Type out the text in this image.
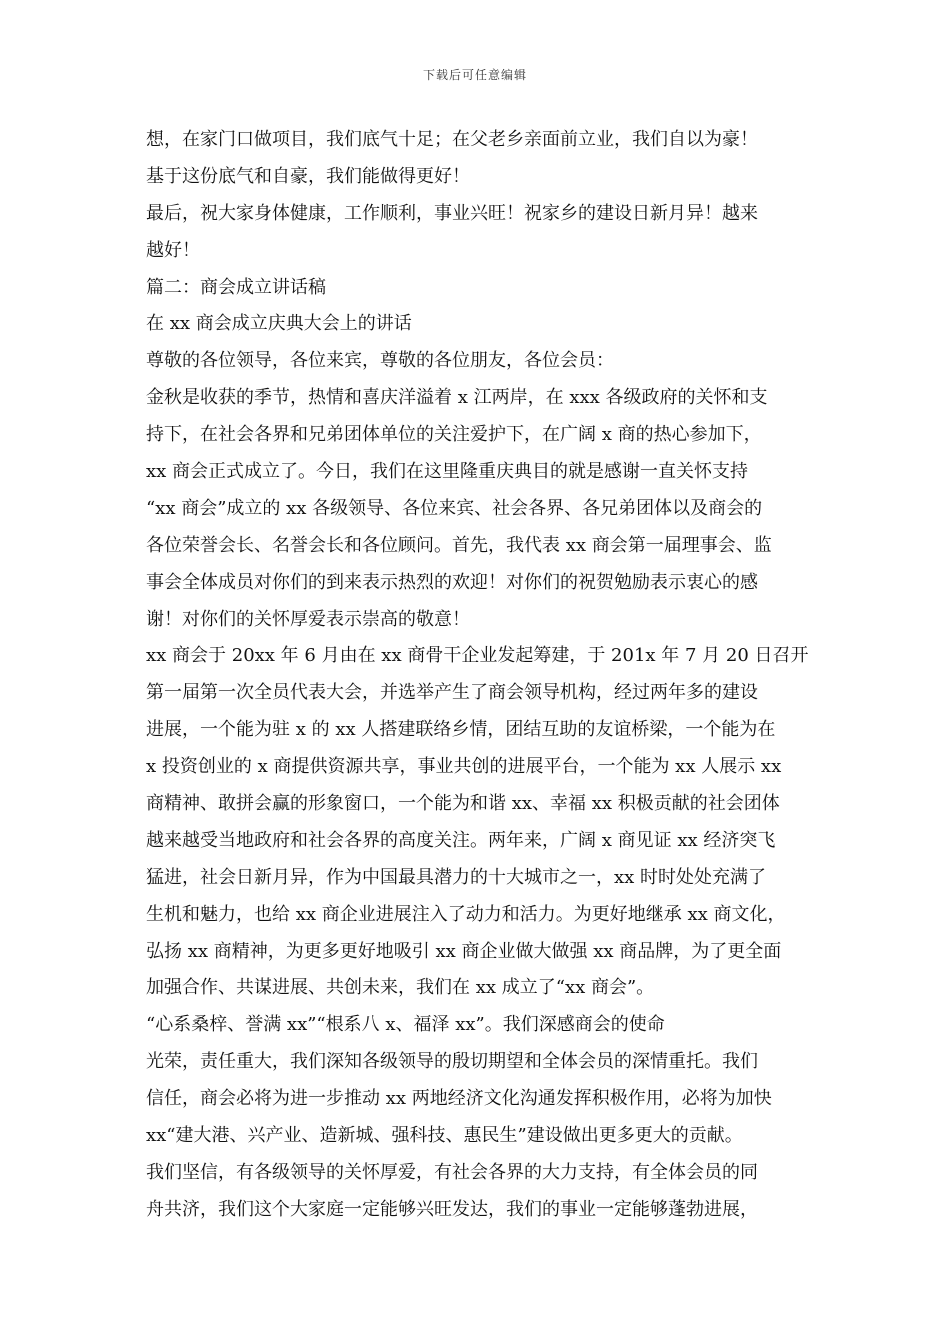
下载后可任意编辑
想，在家门口做项目，我们底气十足；在父老乡亲面前立业，我们自以为豪！
基于这份底气和自豪，我们能做得更好！
最后，祝大家身体健康，工作顺利，事业兴旺！祝家乡的建设日新月异！越来
越好！
篇二：商会成立讲话稿
在 xx 商会成立庆典大会上的讲话
尊敬的各位领导，各位来宾，尊敬的各位朋友，各位会员：
金秋是收获的季节，热情和喜庆洋溢着 x 江两岸，在 xxx 各级政府的关怀和支
持下，在社会各界和兄弟团体单位的关注爱护下，在广阔 x 商的热心参加下，
xx 商会正式成立了。今日，我们在这里隆重庆典目的就是感谢一直关怀支持
“xx 商会”成立的 xx 各级领导、各位来宾、社会各界、各兄弟团体以及商会的
各位荣誉会长、名誉会长和各位顾问。首先，我代表 xx 商会第一届理事会、监
事会全体成员对你们的到来表示热烈的欢迎！对你们的祝贺勉励表示衷心的感
谢！对你们的关怀厚爱表示崇高的敬意！
xx 商会于 20xx 年 6 月由在 xx 商骨干企业发起筹建，于 201x 年 7 月 20 日召开
第一届第一次全员代表大会，并选举产生了商会领导机构，经过两年多的建设
进展，一个能为驻 x 的 xx 人搭建联络乡情，团结互助的友谊桥梁，一个能为在
x 投资创业的 x 商提供资源共享，事业共创的进展平台，一个能为 xx 人展示 xx
商精神、敢拼会赢的形象窗口，一个能为和谐 xx、幸福 xx 积极贡献的社会团体
越来越受当地政府和社会各界的高度关注。两年来，广阔 x 商见证 xx 经济突飞
猛进，社会日新月异，作为中国最具潜力的十大城市之一，xx 时时处处充满了
生机和魅力，也给 xx 商企业进展注入了动力和活力。为更好地继承 xx 商文化，
弘扬 xx 商精神，为更多更好地吸引 xx 商企业做大做强 xx 商品牌，为了更全面
加强合作、共谋进展、共创未来，我们在 xx 成立了“xx 商会”。
“心系桑梓、誉满 xx”“根系八 x、福泽 xx”。我们深感商会的使命
光荣，责任重大，我们深知各级领导的殷切期望和全体会员的深情重托。我们
信任，商会必将为进一步推动 xx 两地经济文化沟通发挥积极作用，必将为加快
xx“建大港、兴产业、造新城、强科技、惠民生”建设做出更多更大的贡献。
我们坚信，有各级领导的关怀厚爱，有社会各界的大力支持，有全体会员的同
舟共济，我们这个大家庭一定能够兴旺发达，我们的事业一定能够蓬勃进展，
